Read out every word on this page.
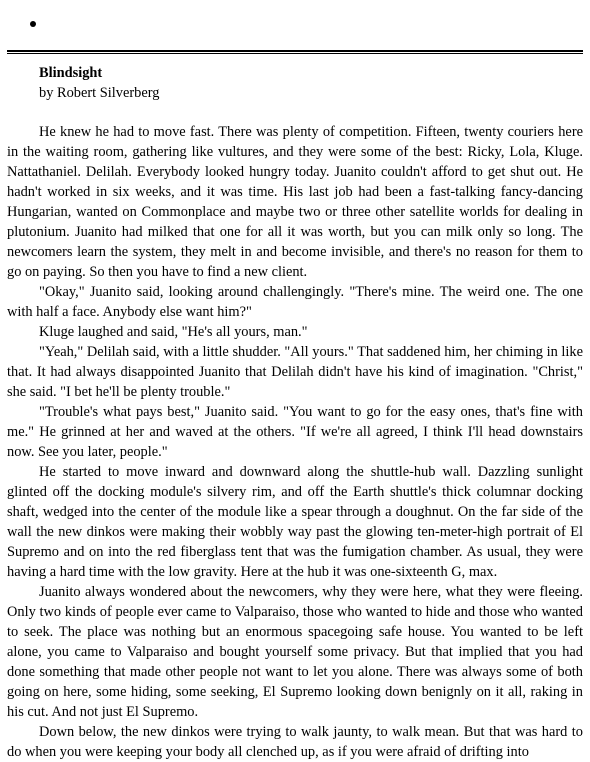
Blindsight

by Robert Silverberg

He knew he had to move fast. There was plenty of competition. Fifteen, twenty couriers here in the waiting room, gathering like vultures, and they were some of the best: Ricky, Lola, Kluge. Nattathaniel. Delilah. Everybody looked hungry today. Juanito couldn't afford to get shut out. He hadn't worked in six weeks, and it was time. His last job had been a fast-talking fancy-dancing Hungarian, wanted on Commonplace and maybe two or three other satellite worlds for dealing in plutonium. Juanito had milked that one for all it was worth, but you can milk only so long. The newcomers learn the system, they melt in and become invisible, and there's no reason for them to go on paying. So then you have to find a new client.

"Okay," Juanito said, looking around challengingly. "There's mine. The weird one. The one with half a face. Anybody else want him?"

Kluge laughed and said, "He's all yours, man."

"Yeah," Delilah said, with a little shudder. "All yours." That saddened him, her chiming in like that. It had always disappointed Juanito that Delilah didn't have his kind of imagination. "Christ," she said. "I bet he'll be plenty trouble."

"Trouble's what pays best," Juanito said. "You want to go for the easy ones, that's fine with me." He grinned at her and waved at the others. "If we're all agreed, I think I'll head downstairs now. See you later, people."

He started to move inward and downward along the shuttle-hub wall. Dazzling sunlight glinted off the docking module's silvery rim, and off the Earth shuttle's thick columnar docking shaft, wedged into the center of the module like a spear through a doughnut. On the far side of the wall the new dinkos were making their wobbly way past the glowing ten-meter-high portrait of El Supremo and on into the red fiberglass tent that was the fumigation chamber. As usual, they were having a hard time with the low gravity. Here at the hub it was one-sixteenth G, max.

Juanito always wondered about the newcomers, why they were here, what they were fleeing. Only two kinds of people ever came to Valparaiso, those who wanted to hide and those who wanted to seek. The place was nothing but an enormous spacegoing safe house. You wanted to be left alone, you came to Valparaiso and bought yourself some privacy. But that implied that you had done something that made other people not want to let you alone. There was always some of both going on here, some hiding, some seeking, El Supremo looking down benignly on it all, raking in his cut. And not just El Supremo.

Down below, the new dinkos were trying to walk jaunty, to walk mean. But that was hard to do when you were keeping your body all clenched up, as if you were afraid of drifting into
